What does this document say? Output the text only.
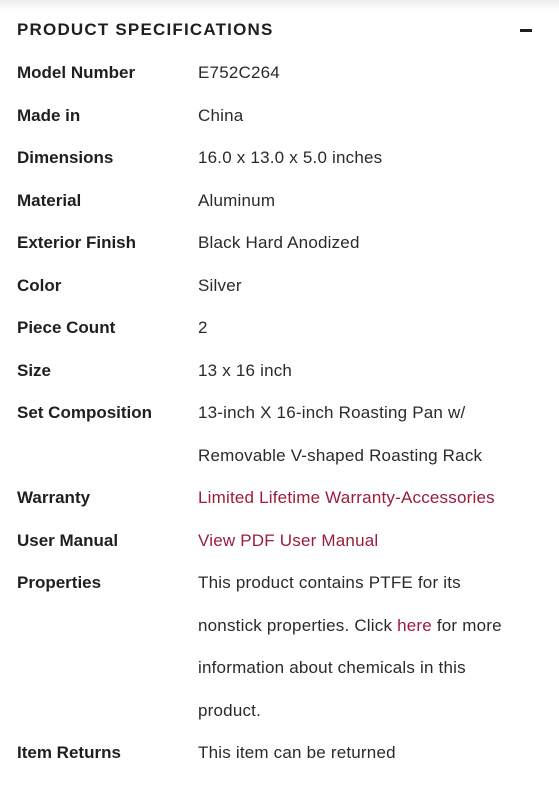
PRODUCT SPECIFICATIONS
Model Number	E752C264
Made in	China
Dimensions	16.0 x 13.0 x 5.0 inches
Material	Aluminum
Exterior Finish	Black Hard Anodized
Color	Silver
Piece Count	2
Size	13 x 16 inch
Set Composition	13-inch X 16-inch Roasting Pan w/ Removable V-shaped Roasting Rack
Warranty	Limited Lifetime Warranty-Accessories
User Manual	View PDF User Manual
Properties	This product contains PTFE for its nonstick properties. Click here for more information about chemicals in this product.
Item Returns	This item can be returned
